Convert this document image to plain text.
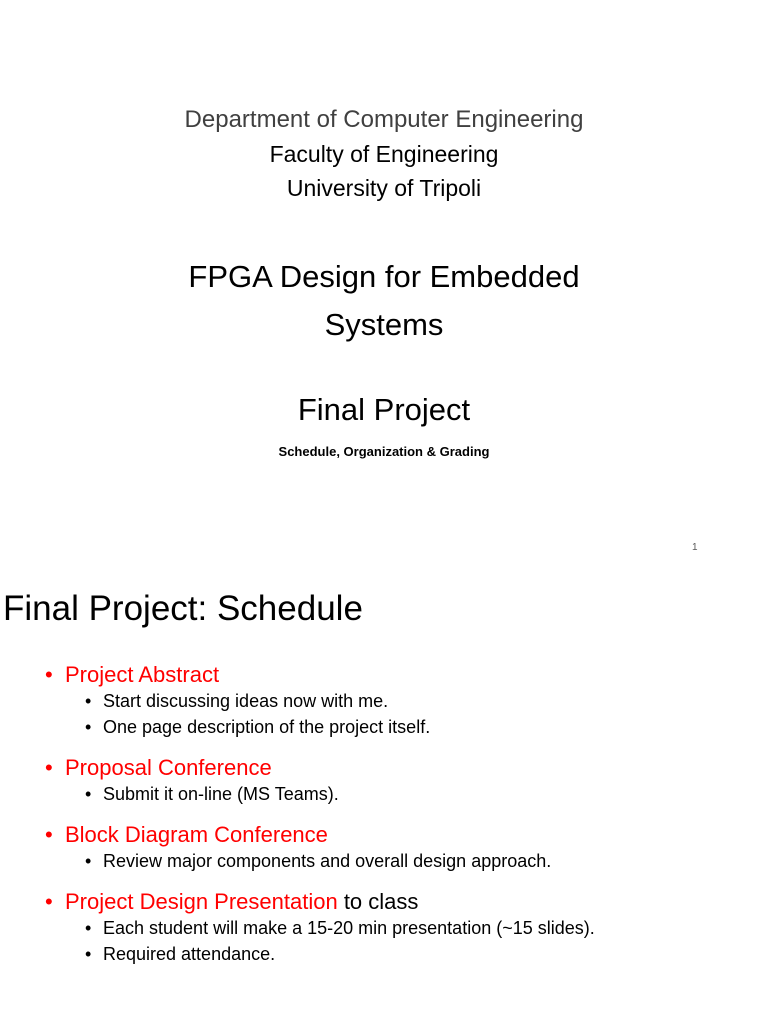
Department of Computer Engineering
Faculty of Engineering
University of Tripoli
FPGA Design for Embedded
Systems
Final Project
Schedule, Organization & Grading
1
Final Project: Schedule
• Project Abstract
• Start discussing ideas now with me.
• One page description of the project itself.
• Proposal Conference
• Submit it on-line (MS Teams).
• Block Diagram Conference
• Review major components and overall design approach.
• Project Design Presentation to class
• Each student will make a 15-20 min presentation (~15 slides).
• Required attendance.
